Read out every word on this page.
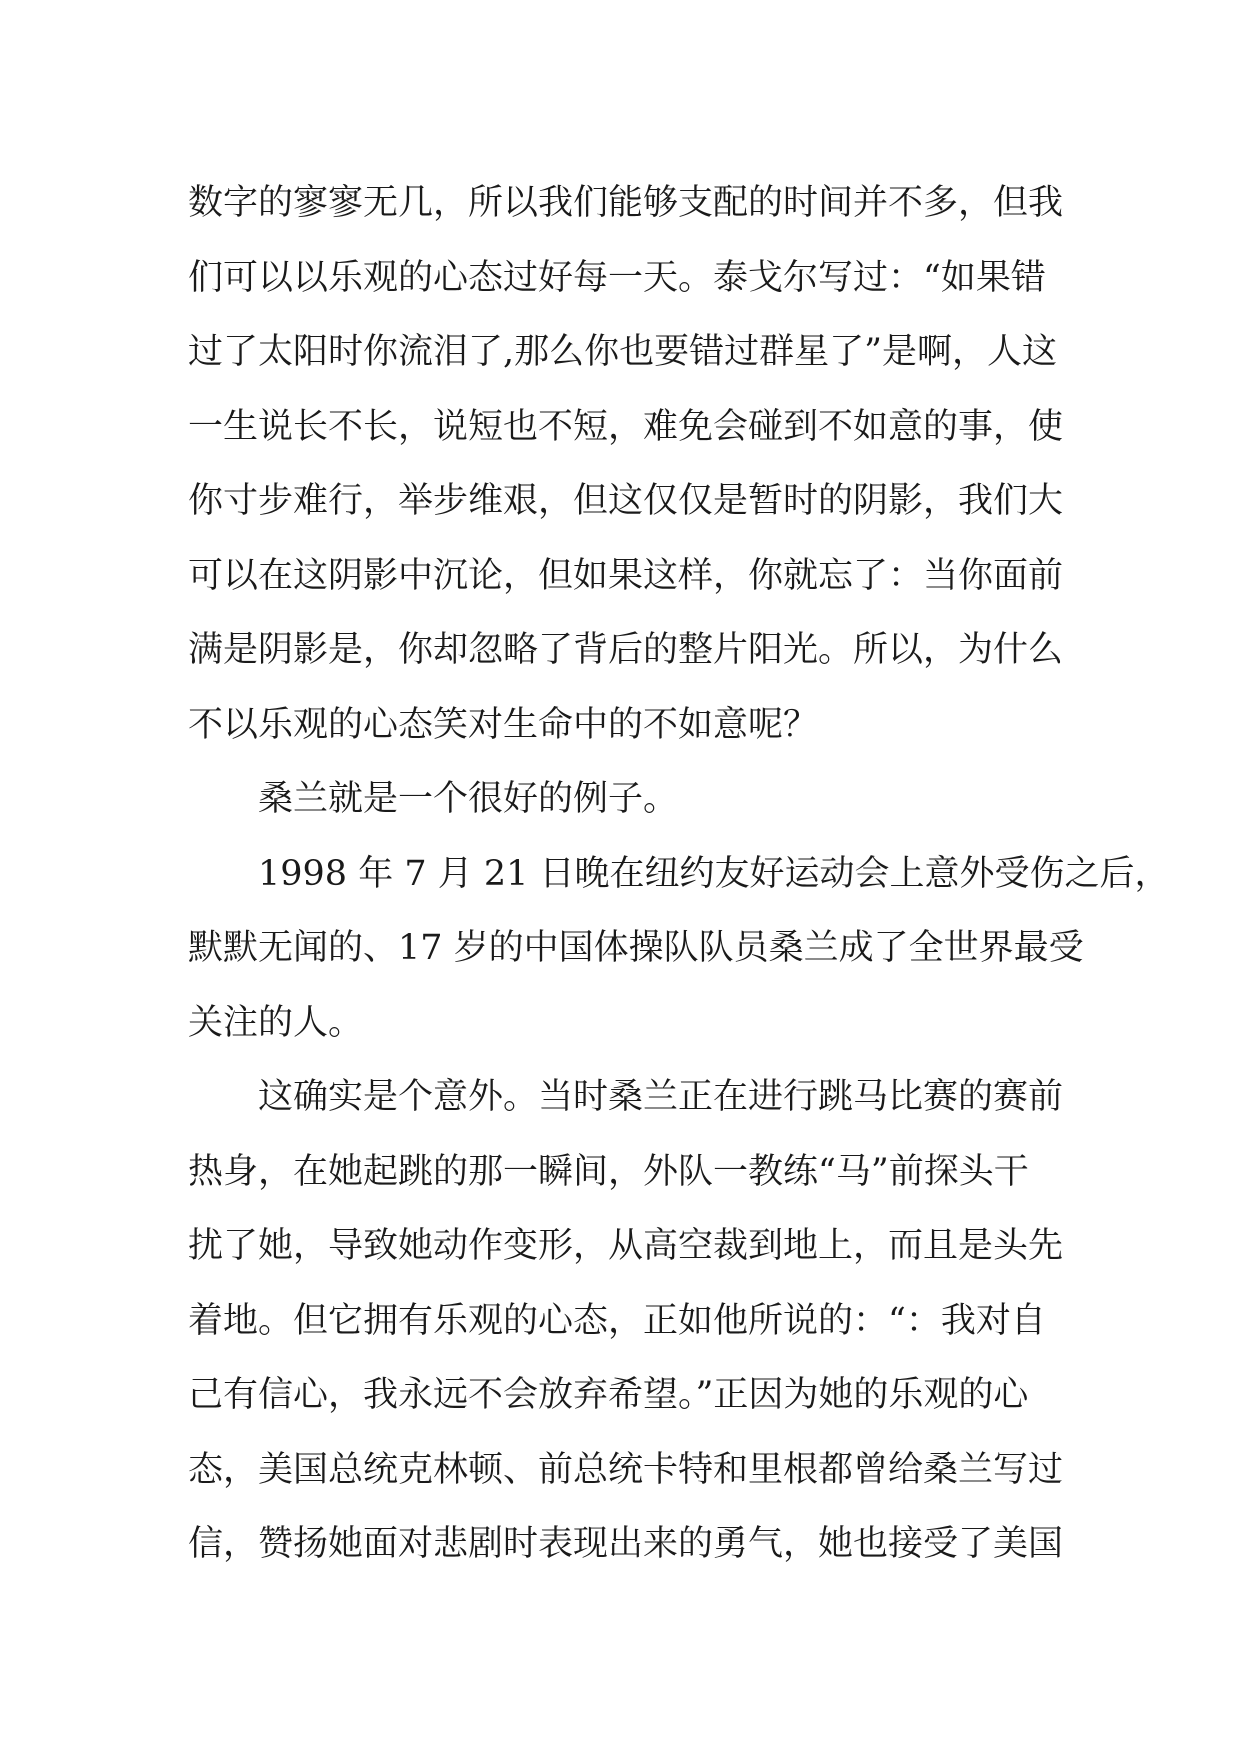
数字的寥寥无几，所以我们能够支配的时间并不多，但我
们可以以乐观的心态过好每一天。泰戈尔写过：“如果错
过了太阳时你流泪了,那么你也要错过群星了”是啊，人这
一生说长不长，说短也不短，难免会碰到不如意的事，使
你寸步难行，举步维艰，但这仅仅是暂时的阴影，我们大
可以在这阴影中沉论，但如果这样，你就忘了：当你面前
满是阴影是，你却忽略了背后的整片阳光。所以，为什么
不以乐观的心态笑对生命中的不如意呢？
桑兰就是一个很好的例子。
1998 年 7 月 21 日晚在纽约友好运动会上意外受伤之后，
默默无闻的、17 岁的中国体操队队员桑兰成了全世界最受
关注的人。
这确实是个意外。当时桑兰正在进行跳马比赛的赛前
热身，在她起跳的那一瞬间，外队一教练“马”前探头干
扰了她，导致她动作变形，从高空裁到地上，而且是头先
着地。但它拥有乐观的心态，正如他所说的：“：我对自
己有信心，我永远不会放弃希望。”正因为她的乐观的心
态，美国总统克林顿、前总统卡特和里根都曾给桑兰写过
信，赞扬她面对悲剧时表现出来的勇气，她也接受了美国
